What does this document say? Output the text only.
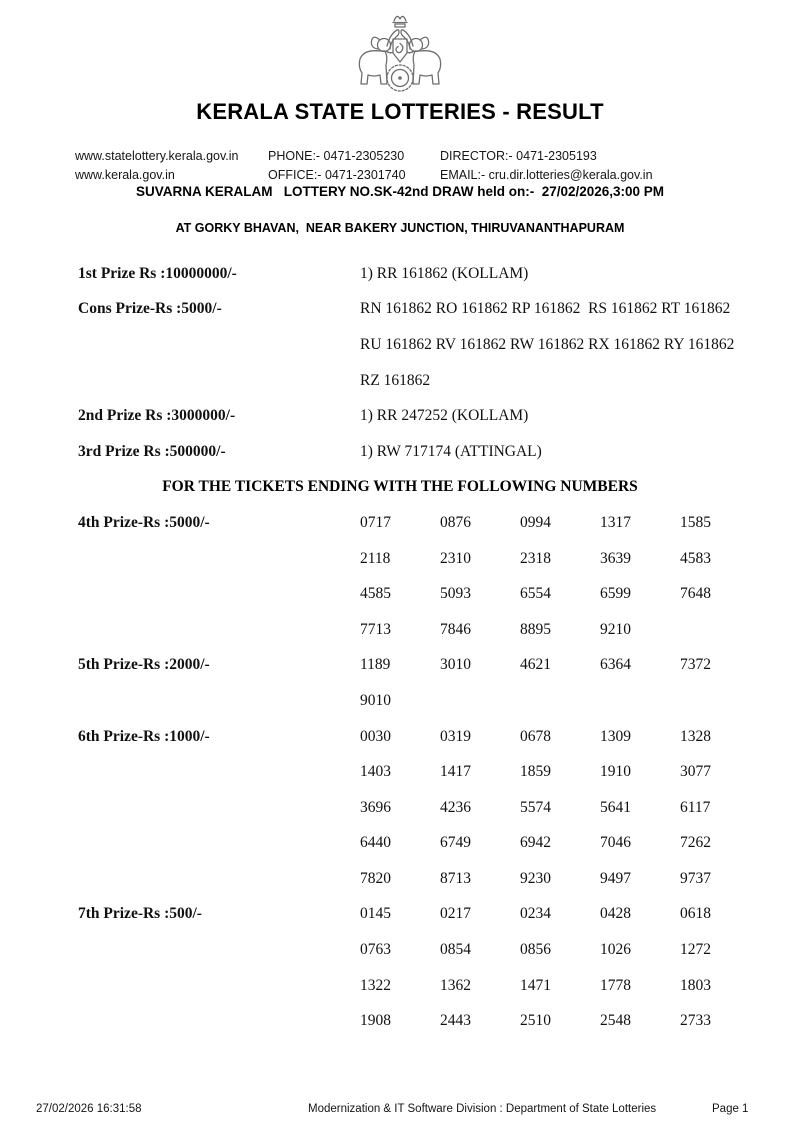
KERALA STATE LOTTERIES - RESULT
www.statelottery.kerala.gov.in	PHONE:- 0471-2305230	DIRECTOR:- 0471-2305193
www.kerala.gov.in	OFFICE:- 0471-2301740	EMAIL:- cru.dir.lotteries@kerala.gov.in
SUVARNA KERALAM   LOTTERY NO.SK-42nd DRAW held on:-  27/02/2026,3:00 PM
AT GORKY BHAVAN,  NEAR BAKERY JUNCTION, THIRUVANANTHAPURAM
1st Prize Rs :10000000/-	1) RR 161862 (KOLLAM)
Cons Prize-Rs :5000/-	RN 161862 RO 161862 RP 161862  RS 161862 RT 161862
RU 161862 RV 161862 RW 161862 RX 161862 RY 161862
RZ 161862
2nd Prize Rs :3000000/-	1) RR 247252 (KOLLAM)
3rd Prize Rs :500000/-	1) RW 717174 (ATTINGAL)
FOR THE TICKETS ENDING WITH THE FOLLOWING NUMBERS
4th Prize-Rs :5000/-	0717	0876	0994	1317	1585
2118	2310	2318	3639	4583
4585	5093	6554	6599	7648
7713	7846	8895	9210
5th Prize-Rs :2000/-	1189	3010	4621	6364	7372
9010
6th Prize-Rs :1000/-	0030	0319	0678	1309	1328
1403	1417	1859	1910	3077
3696	4236	5574	5641	6117
6440	6749	6942	7046	7262
7820	8713	9230	9497	9737
7th Prize-Rs :500/-	0145	0217	0234	0428	0618
0763	0854	0856	1026	1272
1322	1362	1471	1778	1803
1908	2443	2510	2548	2733
27/02/2026 16:31:58	Modernization & IT Software Division : Department of State Lotteries	Page 1
